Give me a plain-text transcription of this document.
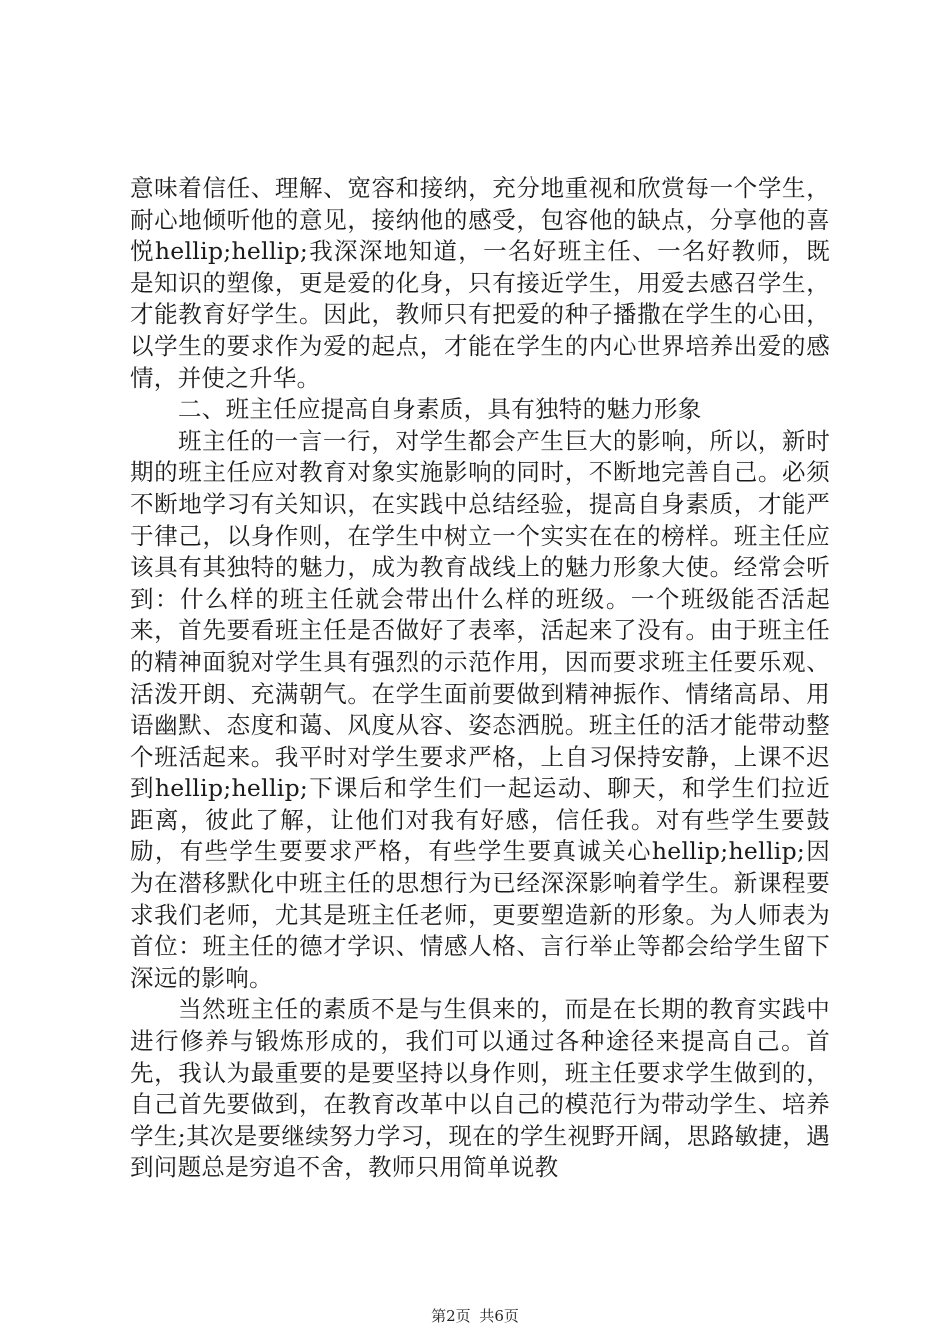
意味着信任、理解、宽容和接纳，充分地重视和欣赏每一个学生，耐心地倾听他的意见，接纳他的感受，包容他的缺点，分享他的喜悦hellip;hellip;我深深地知道，一名好班主任、一名好教师，既是知识的塑像，更是爱的化身，只有接近学生，用爱去感召学生，才能教育好学生。因此，教师只有把爱的种子播撒在学生的心田，以学生的要求作为爱的起点，才能在学生的内心世界培养出爱的感情，并使之升华。

二、班主任应提高自身素质，具有独特的魅力形象

班主任的一言一行，对学生都会产生巨大的影响，所以，新时期的班主任应对教育对象实施影响的同时，不断地完善自己。必须不断地学习有关知识，在实践中总结经验，提高自身素质，才能严于律己，以身作则，在学生中树立一个实实在在的榜样。班主任应该具有其独特的魅力，成为教育战线上的魅力形象大使。经常会听到：什么样的班主任就会带出什么样的班级。一个班级能否活起来，首先要看班主任是否做好了表率，活起来了没有。由于班主任的精神面貌对学生具有强烈的示范作用，因而要求班主任要乐观、活泼开朗、充满朝气。在学生面前要做到精神振作、情绪高昂、用语幽默、态度和蔼、风度从容、姿态洒脱。班主任的活才能带动整个班活起来。我平时对学生要求严格，上自习保持安静，上课不迟到hellip;hellip;下课后和学生们一起运动、聊天，和学生们拉近距离，彼此了解，让他们对我有好感，信任我。对有些学生要鼓励，有些学生要要求严格，有些学生要真诚关心hellip;hellip;因为在潜移默化中班主任的思想行为已经深深影响着学生。新课程要求我们老师，尤其是班主任老师，更要塑造新的形象。为人师表为首位：班主任的德才学识、情感人格、言行举止等都会给学生留下深远的影响。

当然班主任的素质不是与生俱来的，而是在长期的教育实践中进行修养与锻炼形成的，我们可以通过各种途径来提高自己。首先，我认为最重要的是要坚持以身作则，班主任要求学生做到的，自己首先要做到，在教育改革中以自己的模范行为带动学生、培养学生;其次是要继续努力学习，现在的学生视野开阔，思路敏捷，遇到问题总是穷追不舍，教师只用简单说教

第2页 共6页
